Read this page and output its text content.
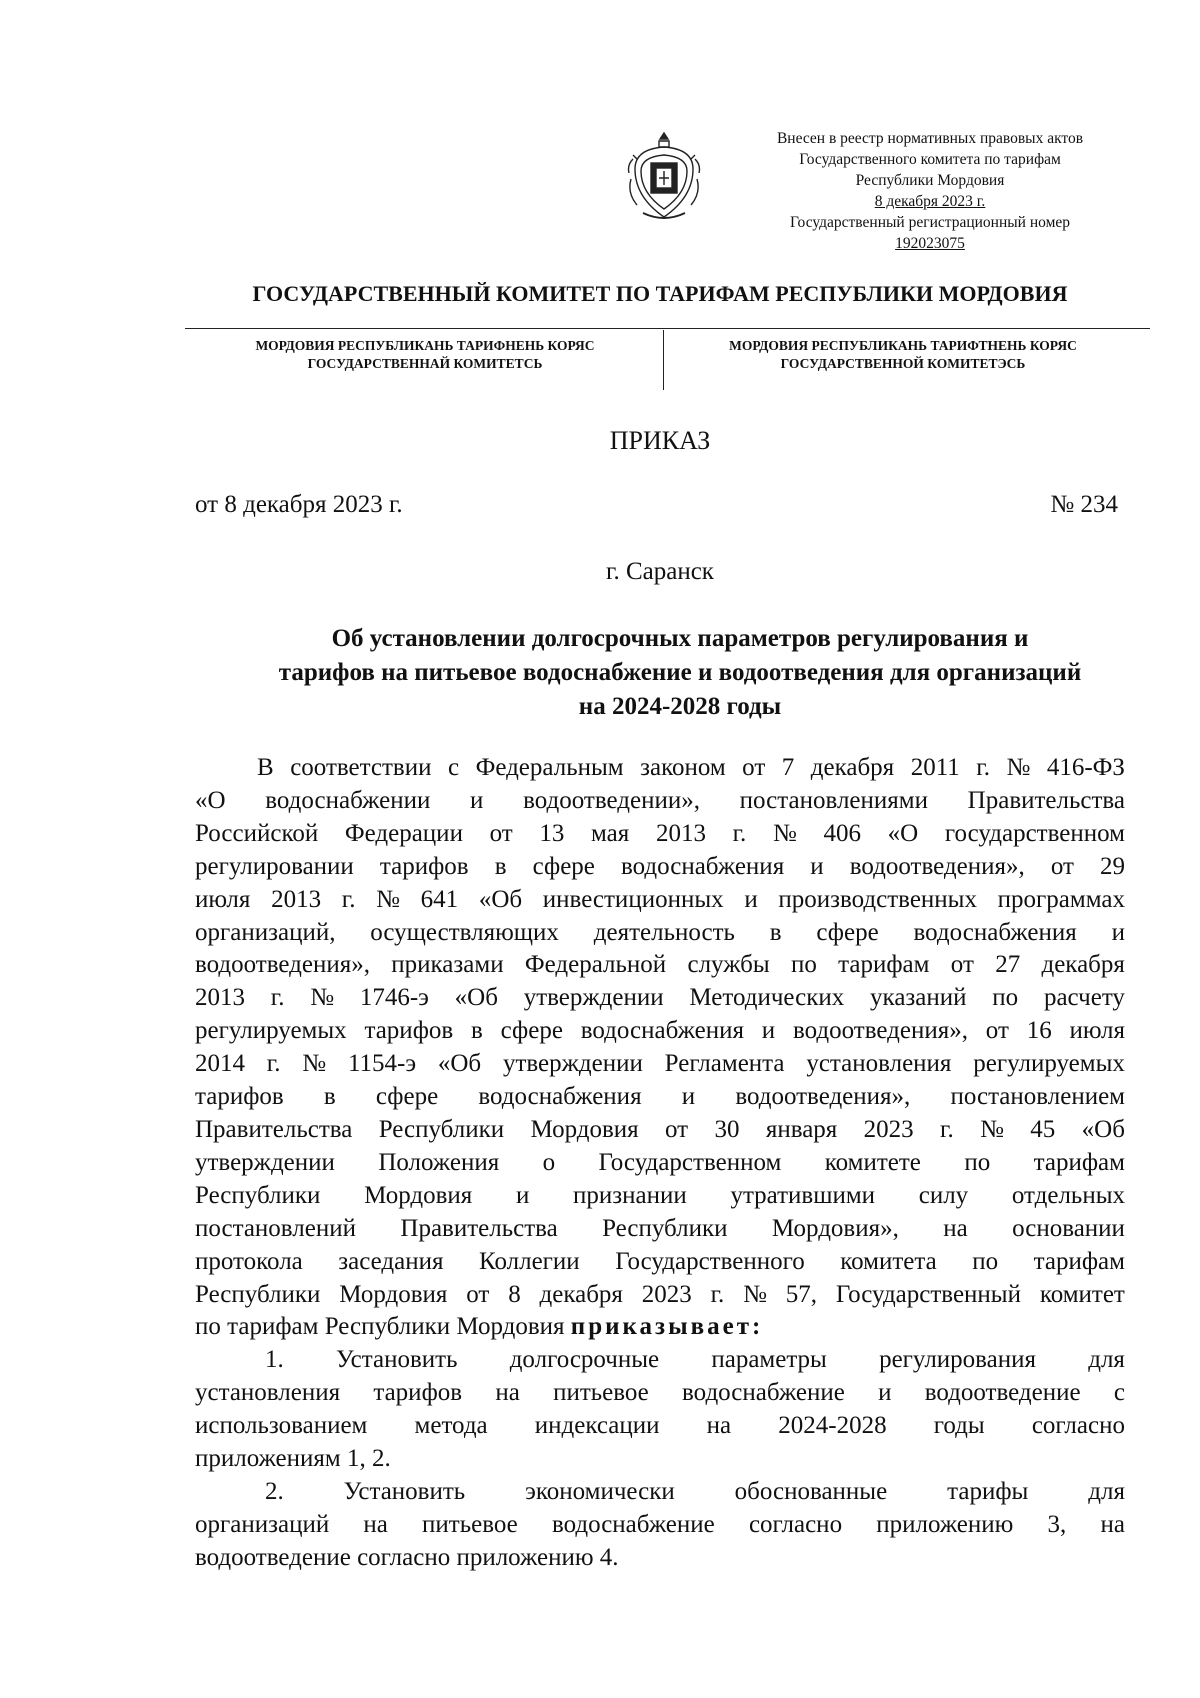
Внесен в реестр нормативных правовых актов
Государственного комитета по тарифам
Республики Мордовия
8 декабря 2023 г.
Государственный регистрационный номер
192023075
ГОСУДАРСТВЕННЫЙ КОМИТЕТ ПО ТАРИФАМ РЕСПУБЛИКИ МОРДОВИЯ
МОРДОВИЯ РЕСПУБЛИКАНЬ ТАРИФНЕНЬ КОРЯС
ГОСУДАРСТВЕННАЙ КОМИТЕТСЬ
МОРДОВИЯ РЕСПУБЛИКАНЬ ТАРИФТНЕНЬ КОРЯС
ГОСУДАРСТВЕННОЙ КОМИТЕТЭСЬ
ПРИКАЗ
от 8 декабря 2023 г.	№ 234
г. Саранск
Об установлении долгосрочных параметров регулирования и
тарифов на питьевое водоснабжение и водоотведения для организаций
на 2024-2028 годы
В соответствии с Федеральным законом от 7 декабря 2011 г. № 416-ФЗ
«О водоснабжении и водоотведении», постановлениями Правительства
Российской Федерации от 13 мая 2013 г. № 406 «О государственном
регулировании тарифов в сфере водоснабжения и водоотведения», от 29
июля 2013 г. № 641 «Об инвестиционных и производственных программах
организаций, осуществляющих деятельность в сфере водоснабжения и
водоотведения», приказами Федеральной службы по тарифам от 27 декабря
2013 г. № 1746-э «Об утверждении Методических указаний по расчету
регулируемых тарифов в сфере водоснабжения и водоотведения», от 16 июля
2014 г. № 1154-э «Об утверждении Регламента установления регулируемых
тарифов в сфере водоснабжения и водоотведения», постановлением
Правительства Республики Мордовия от 30 января 2023 г. № 45 «Об
утверждении Положения о Государственном комитете по тарифам
Республики Мордовия и признании утратившими силу отдельных
постановлений Правительства Республики Мордовия», на основании
протокола заседания Коллегии Государственного комитета по тарифам
Республики Мордовия от 8 декабря 2023 г. № 57, Государственный комитет
по тарифам Республики Мордовия приказывает:
1. Установить долгосрочные параметры регулирования для
установления тарифов на питьевое водоснабжение и водоотведение с
использованием метода индексации на 2024-2028 годы согласно
приложениям 1, 2.
2. Установить экономически обоснованные тарифы для
организаций на питьевое водоснабжение согласно приложению 3, на
водоотведение согласно приложению 4.
